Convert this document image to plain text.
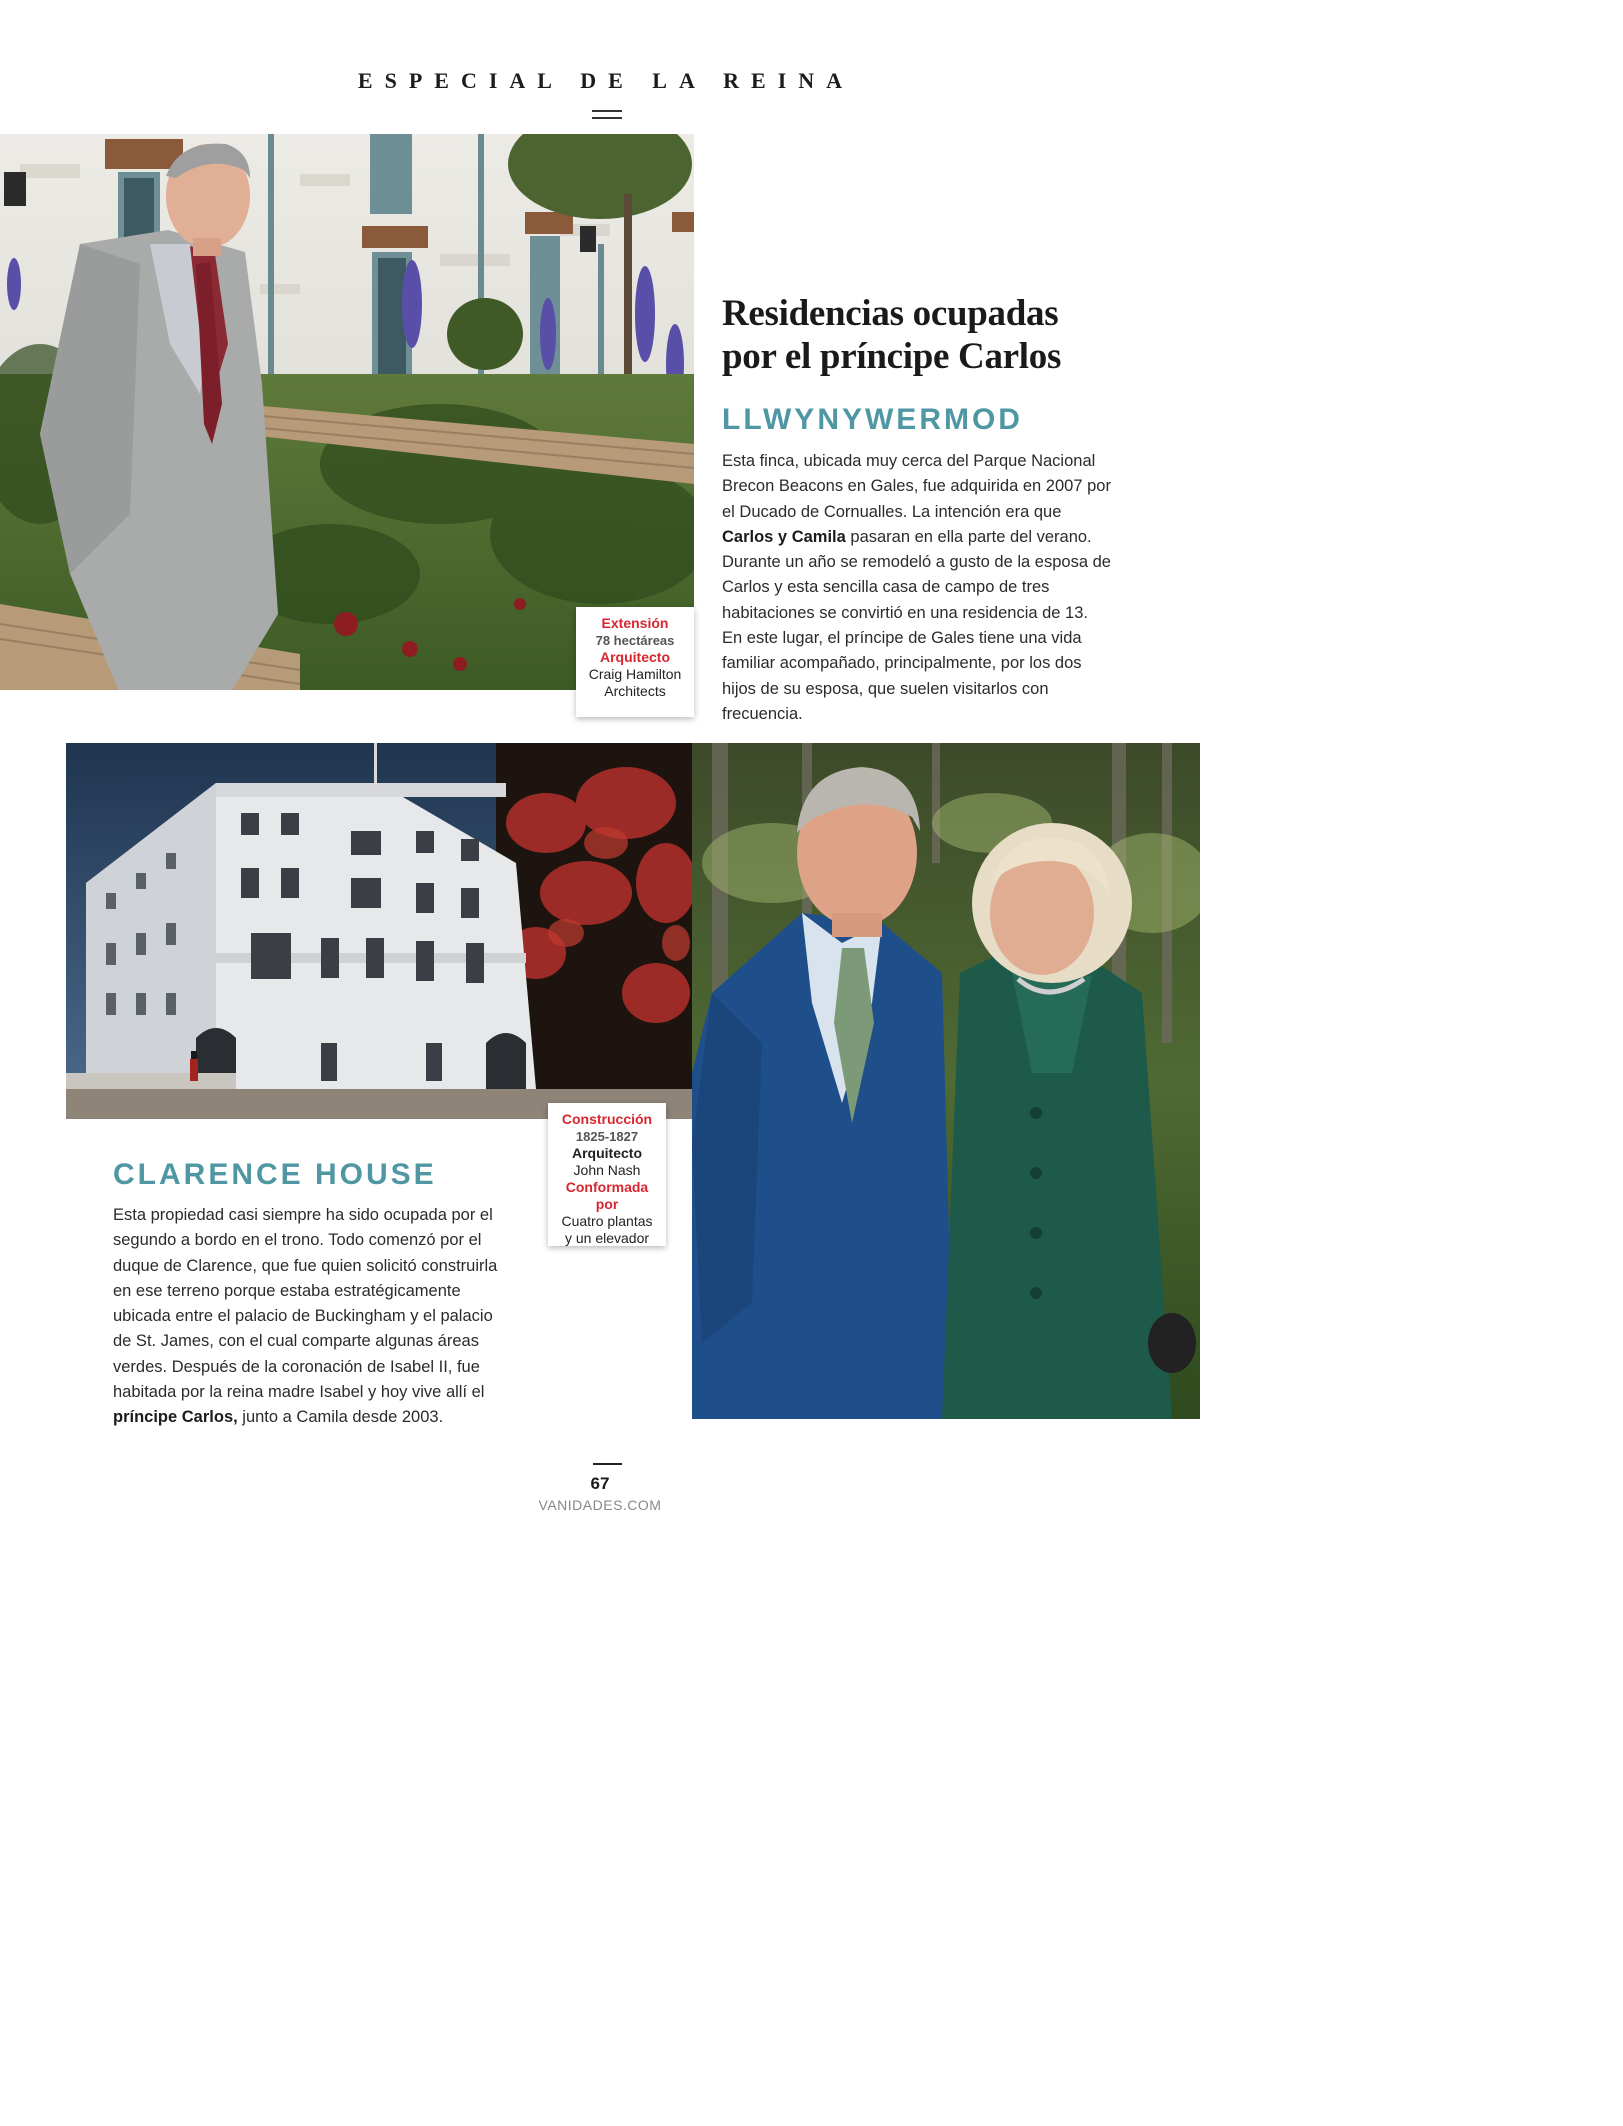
ESPECIAL DE LA REINA
Residencias ocupadas
por el príncipe Carlos
LLWYNYWERMOD
Esta finca, ubicada muy cerca del Parque Nacional Brecon Beacons en Gales, fue adquirida en 2007 por el Ducado de Cornualles. La intención era que Carlos y Camila pasaran en ella parte del verano. Durante un año se remodeló a gusto de la esposa de Carlos y esta sencilla casa de campo de tres habitaciones se convirtió en una residencia de 13. En este lugar, el príncipe de Gales tiene una vida familiar acompañado, principalmente, por los dos hijos de su esposa, que suelen visitarlos con frecuencia.
Extensión
78 hectáreas
Arquitecto
Craig Hamilton
Architects
Construcción
1825-1827
Arquitecto
John Nash
Conformada por
Cuatro plantas
y un elevador
CLARENCE HOUSE
Esta propiedad casi siempre ha sido ocupada por el segundo a bordo en el trono. Todo comenzó por el duque de Clarence, que fue quien solicitó construirla en ese terreno porque estaba estratégicamente ubicada entre el palacio de Buckingham y el palacio de St. James, con el cual comparte algunas áreas verdes. Después de la coronación de Isabel II, fue habitada por la reina madre Isabel y hoy vive allí el príncipe Carlos, junto a Camila desde 2003.
67
VANIDADES.COM
